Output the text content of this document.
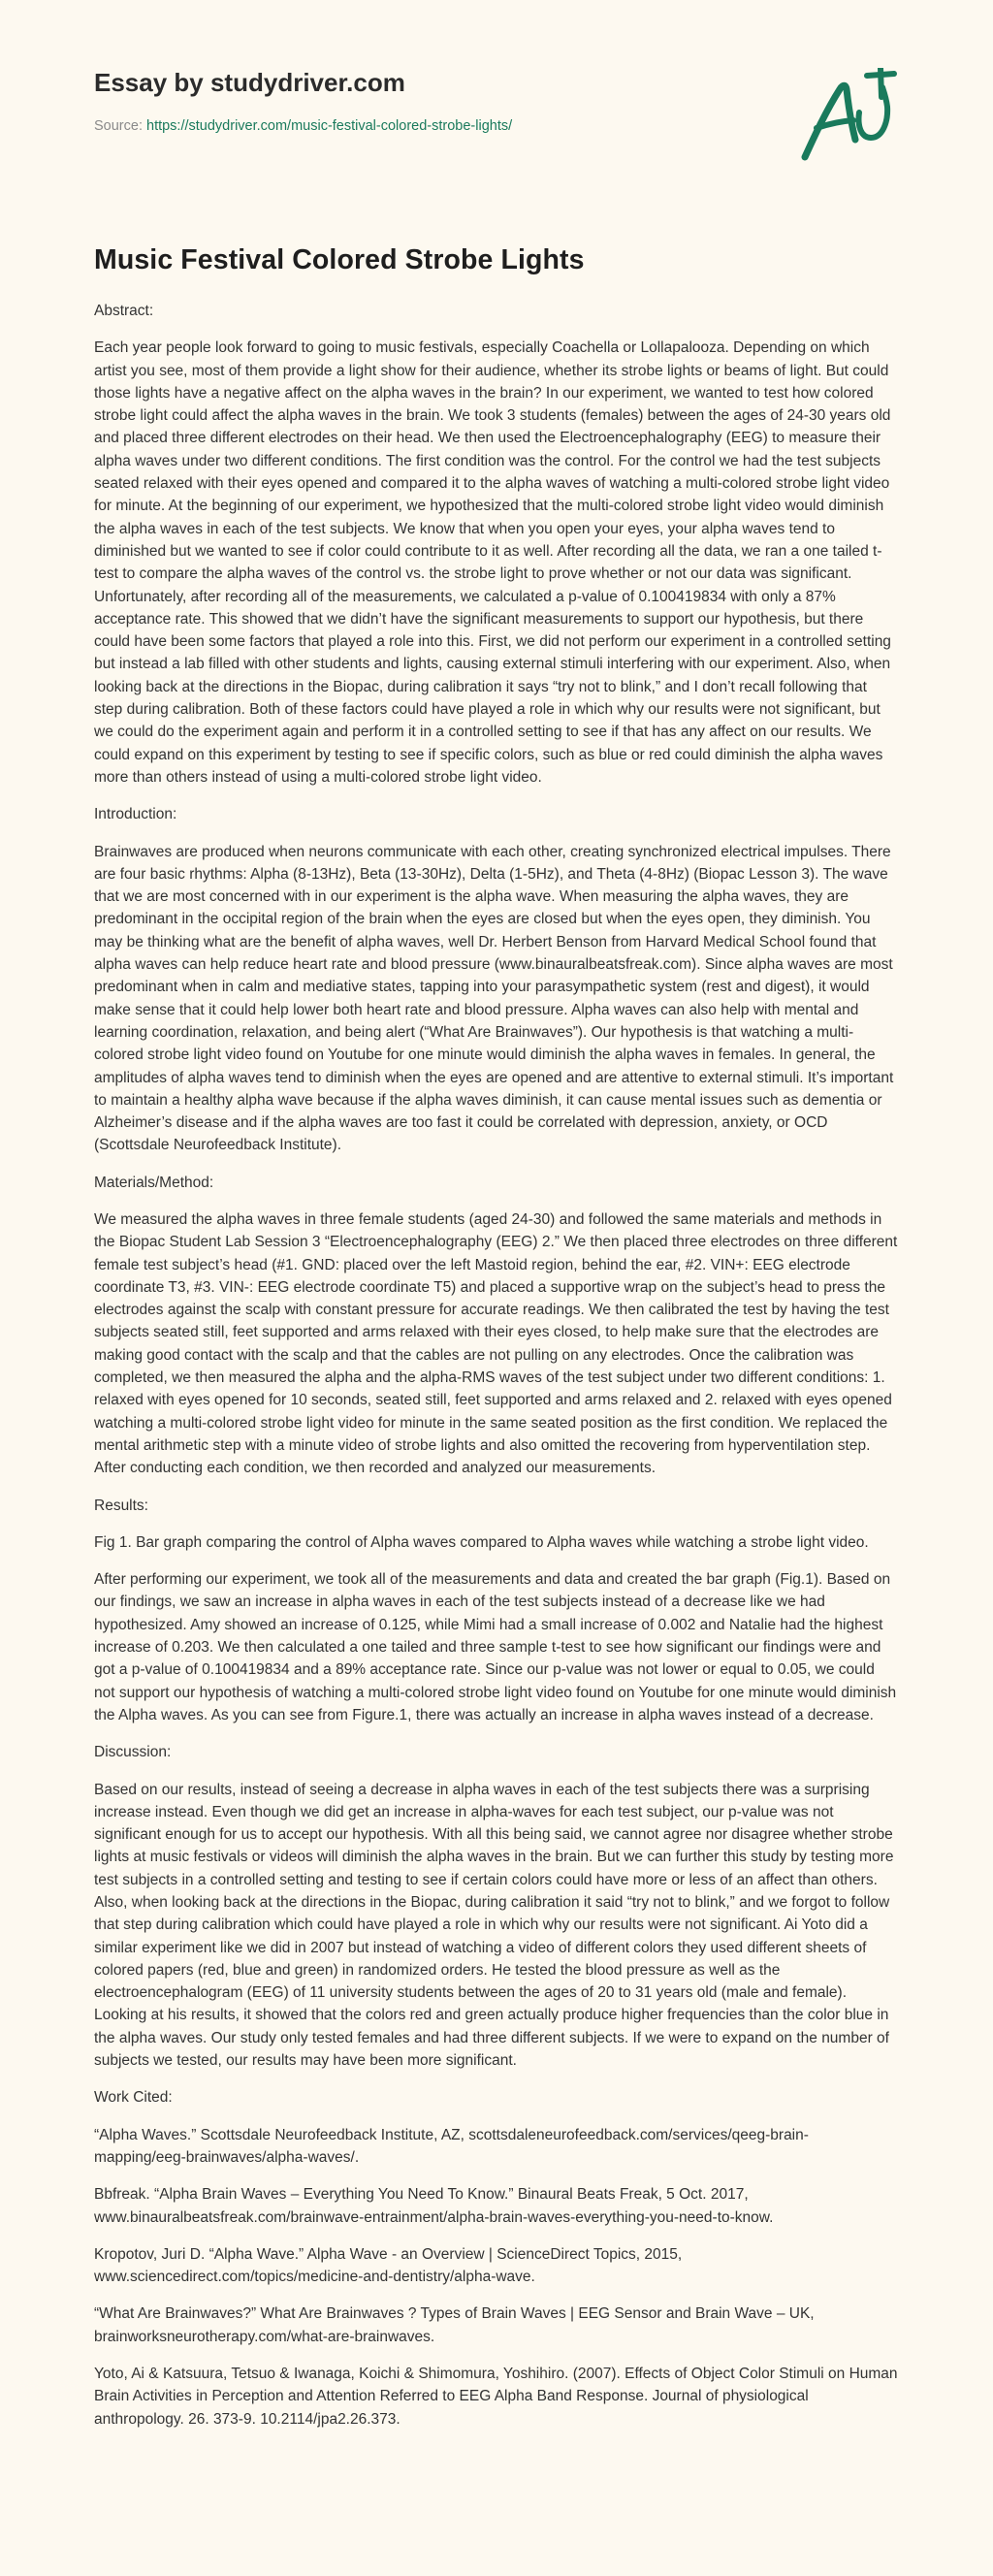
Essay by studydriver.com
Source: https://studydriver.com/music-festival-colored-strobe-lights/
Music Festival Colored Strobe Lights

Abstract:

Each year people look forward to going to music festivals, especially Coachella or Lollapalooza. Depending on which artist you see, most of them provide a light show for their audience, whether its strobe lights or beams of light. But could those lights have a negative affect on the alpha waves in the brain? In our experiment, we wanted to test how colored strobe light could affect the alpha waves in the brain. We took 3 students (females) between the ages of 24-30 years old and placed three different electrodes on their head. We then used the Electroencephalography (EEG) to measure their alpha waves under two different conditions. The first condition was the control. For the control we had the test subjects seated relaxed with their eyes opened and compared it to the alpha waves of watching a multi-colored strobe light video for minute. At the beginning of our experiment, we hypothesized that the multi-colored strobe light video would diminish the alpha waves in each of the test subjects. We know that when you open your eyes, your alpha waves tend to diminished but we wanted to see if color could contribute to it as well. After recording all the data, we ran a one tailed t-test to compare the alpha waves of the control vs. the strobe light to prove whether or not our data was significant. Unfortunately, after recording all of the measurements, we calculated a p-value of 0.100419834 with only a 87% acceptance rate. This showed that we didn’t have the significant measurements to support our hypothesis, but there could have been some factors that played a role into this. First, we did not perform our experiment in a controlled setting but instead a lab filled with other students and lights, causing external stimuli interfering with our experiment. Also, when looking back at the directions in the Biopac, during calibration it says “try not to blink,” and I don’t recall following that step during calibration. Both of these factors could have played a role in which why our results were not significant, but we could do the experiment again and perform it in a controlled setting to see if that has any affect on our results. We could expand on this experiment by testing to see if specific colors, such as blue or red could diminish the alpha waves more than others instead of using a multi-colored strobe light video.

Introduction:

Brainwaves are produced when neurons communicate with each other, creating synchronized electrical impulses. There are four basic rhythms: Alpha (8-13Hz), Beta (13-30Hz), Delta (1-5Hz), and Theta (4-8Hz) (Biopac Lesson 3). The wave that we are most concerned with in our experiment is the alpha wave. When measuring the alpha waves, they are predominant in the occipital region of the brain when the eyes are closed but when the eyes open, they diminish. You may be thinking what are the benefit of alpha waves, well Dr. Herbert Benson from Harvard Medical School found that alpha waves can help reduce heart rate and blood pressure (www.binauralbeatsfreak.com). Since alpha waves are most predominant when in calm and mediative states, tapping into your parasympathetic system (rest and digest), it would make sense that it could help lower both heart rate and blood pressure. Alpha waves can also help with mental and learning coordination, relaxation, and being alert (“What Are Brainwaves”). Our hypothesis is that watching a multi-colored strobe light video found on Youtube for one minute would diminish the alpha waves in females. In general, the amplitudes of alpha waves tend to diminish when the eyes are opened and are attentive to external stimuli. It’s important to maintain a healthy alpha wave because if the alpha waves diminish, it can cause mental issues such as dementia or Alzheimer’s disease and if the alpha waves are too fast it could be correlated with depression, anxiety, or OCD (Scottsdale Neurofeedback Institute).

Materials/Method:

We measured the alpha waves in three female students (aged 24-30) and followed the same materials and methods in the Biopac Student Lab Session 3 “Electroencephalography (EEG) 2.” We then placed three electrodes on three different female test subject’s head (#1. GND: placed over the left Mastoid region, behind the ear, #2. VIN+: EEG electrode coordinate T3, #3. VIN-: EEG electrode coordinate T5) and placed a supportive wrap on the subject’s head to press the electrodes against the scalp with constant pressure for accurate readings. We then calibrated the test by having the test subjects seated still, feet supported and arms relaxed with their eyes closed, to help make sure that the electrodes are making good contact with the scalp and that the cables are not pulling on any electrodes. Once the calibration was completed, we then measured the alpha and the alpha-RMS waves of the test subject under two different conditions: 1. relaxed with eyes opened for 10 seconds, seated still, feet supported and arms relaxed and 2. relaxed with eyes opened watching a multi-colored strobe light video for minute in the same seated position as the first condition. We replaced the mental arithmetic step with a minute video of strobe lights and also omitted the recovering from hyperventilation step. After conducting each condition, we then recorded and analyzed our measurements.

Results:

Fig 1. Bar graph comparing the control of Alpha waves compared to Alpha waves while watching a strobe light video.

After performing our experiment, we took all of the measurements and data and created the bar graph (Fig.1). Based on our findings, we saw an increase in alpha waves in each of the test subjects instead of a decrease like we had hypothesized. Amy showed an increase of 0.125, while Mimi had a small increase of 0.002 and Natalie had the highest increase of 0.203. We then calculated a one tailed and three sample t-test to see how significant our findings were and got a p-value of 0.100419834 and a 89% acceptance rate. Since our p-value was not lower or equal to 0.05, we could not support our hypothesis of watching a multi-colored strobe light video found on Youtube for one minute would diminish the Alpha waves. As you can see from Figure.1, there was actually an increase in alpha waves instead of a decrease.

Discussion:

Based on our results, instead of seeing a decrease in alpha waves in each of the test subjects there was a surprising increase instead. Even though we did get an increase in alpha-waves for each test subject, our p-value was not significant enough for us to accept our hypothesis. With all this being said, we cannot agree nor disagree whether strobe lights at music festivals or videos will diminish the alpha waves in the brain. But we can further this study by testing more test subjects in a controlled setting and testing to see if certain colors could have more or less of an affect than others. Also, when looking back at the directions in the Biopac, during calibration it said “try not to blink,” and we forgot to follow that step during calibration which could have played a role in which why our results were not significant. Ai Yoto did a similar experiment like we did in 2007 but instead of watching a video of different colors they used different sheets of colored papers (red, blue and green) in randomized orders. He tested the blood pressure as well as the electroencephalogram (EEG) of 11 university students between the ages of 20 to 31 years old (male and female). Looking at his results, it showed that the colors red and green actually produce higher frequencies than the color blue in the alpha waves. Our study only tested females and had three different subjects. If we were to expand on the number of subjects we tested, our results may have been more significant.

Work Cited:

“Alpha Waves.” Scottsdale Neurofeedback Institute, AZ, scottsdaleneurofeedback.com/services/qeeg-brain-mapping/eeg-brainwaves/alpha-waves/.

Bbfreak. “Alpha Brain Waves – Everything You Need To Know.” Binaural Beats Freak, 5 Oct. 2017, www.binauralbeatsfreak.com/brainwave-entrainment/alpha-brain-waves-everything-you-need-to-know.

Kropotov, Juri D. “Alpha Wave.” Alpha Wave - an Overview | ScienceDirect Topics, 2015, www.sciencedirect.com/topics/medicine-and-dentistry/alpha-wave.

“What Are Brainwaves?” What Are Brainwaves ? Types of Brain Waves | EEG Sensor and Brain Wave – UK, brainworksneurotherapy.com/what-are-brainwaves.

Yoto, Ai & Katsuura, Tetsuo & Iwanaga, Koichi & Shimomura, Yoshihiro. (2007). Effects of Object Color Stimuli on Human Brain Activities in Perception and Attention Referred to EEG Alpha Band Response. Journal of physiological anthropology. 26. 373-9. 10.2114/jpa2.26.373.
